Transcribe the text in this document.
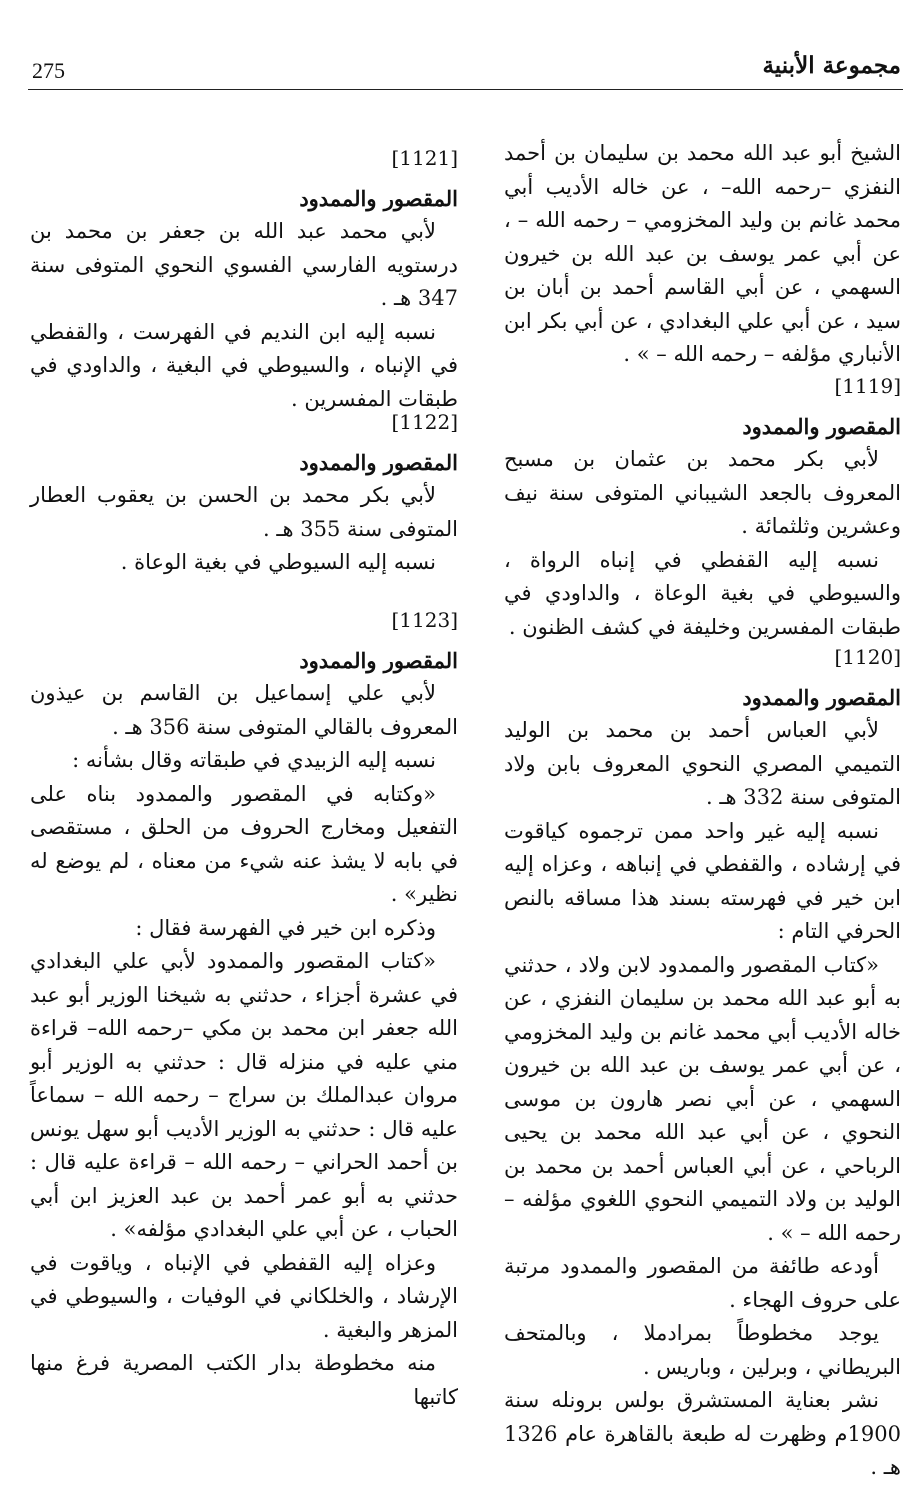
مجموعة الأبنية
275
الشيخ أبو عبد الله محمد بن سليمان بن أحمد النفزي –رحمه الله– ، عن خاله الأديب أبي محمد غانم بن وليد المخزومي – رحمه الله – ، عن أبي عمر يوسف بن عبد الله بن خيرون السهمي ، عن أبي القاسم أحمد بن أبان بن سيد ، عن أبي علي البغدادي ، عن أبي بكر ابن الأنباري مؤلفه – رحمه الله – » .
[1119]
المقصور والممدود
لأبي بكر محمد بن عثمان بن مسبح المعروف بالجعد الشيباني المتوفى سنة نيف وعشرين وثلثمائة .
نسبه إليه القفطي في إنباه الرواة ، والسيوطي في بغية الوعاة ، والداودي في طبقات المفسرين وخليفة في كشف الظنون .
[1120]
المقصور والممدود
لأبي العباس أحمد بن محمد بن الوليد التميمي المصري النحوي المعروف بابن ولاد المتوفى سنة 332 هـ .
نسبه إليه غير واحد ممن ترجموه كياقوت في إرشاده ، والقفطي في إنباهه ، وعزاه إليه ابن خير في فهرسته بسند هذا مساقه بالنص الحرفي التام :
«كتاب المقصور والممدود لابن ولاد ، حدثني به أبو عبد الله محمد بن سليمان النفزي ، عن خاله الأديب أبي محمد غانم بن وليد المخزومي ، عن أبي عمر يوسف بن عبد الله بن خيرون السهمي ، عن أبي نصر هارون بن موسى النحوي ، عن أبي عبد الله محمد بن يحيى الرباحي ، عن أبي العباس أحمد بن محمد بن الوليد بن ولاد التميمي النحوي اللغوي مؤلفه – رحمه الله – » .
أودعه طائفة من المقصور والممدود مرتبة على حروف الهجاء .
يوجد مخطوطاً بمرادملا ، وبالمتحف البريطاني ، وبرلين ، وباريس .
نشر بعناية المستشرق بولس برونله سنة 1900م وظهرت له طبعة بالقاهرة عام 1326 هـ .
[1121]
المقصور والممدود
لأبي محمد عبد الله بن جعفر بن محمد بن درستويه الفارسي الفسوي النحوي المتوفى سنة 347 هـ .
نسبه إليه ابن النديم في الفهرست ، والقفطي في الإنباه ، والسيوطي في البغية ، والداودي في طبقات المفسرين .
[1122]
المقصور والممدود
لأبي بكر محمد بن الحسن بن يعقوب العطار المتوفى سنة 355 هـ .
نسبه إليه السيوطي في بغية الوعاة .
[1123]
المقصور والممدود
لأبي علي إسماعيل بن القاسم بن عيذون المعروف بالقالي المتوفى سنة 356 هـ .
نسبه إليه الزبيدي في طبقاته وقال بشأنه :
«وكتابه في المقصور والممدود بناه على التفعيل ومخارج الحروف من الحلق ، مستقصى في بابه لا يشذ عنه شيء من معناه ، لم يوضع له نظير» .
وذكره ابن خير في الفهرسة فقال :
«كتاب المقصور والممدود لأبي علي البغدادي في عشرة أجزاء ، حدثني به شيخنا الوزير أبو عبد الله جعفر ابن محمد بن مكي –رحمه الله– قراءة مني عليه في منزله قال : حدثني به الوزير أبو مروان عبدالملك بن سراج – رحمه الله – سماعاً عليه قال : حدثني به الوزير الأديب أبو سهل يونس بن أحمد الحراني – رحمه الله – قراءة عليه قال : حدثني به أبو عمر أحمد بن عبد العزيز ابن أبي الحباب ، عن أبي علي البغدادي مؤلفه» .
وعزاه إليه القفطي في الإنباه ، وياقوت في الإرشاد ، والخلكاني في الوفيات ، والسيوطي في المزهر والبغية .
منه مخطوطة بدار الكتب المصرية فرغ منها كاتبها
